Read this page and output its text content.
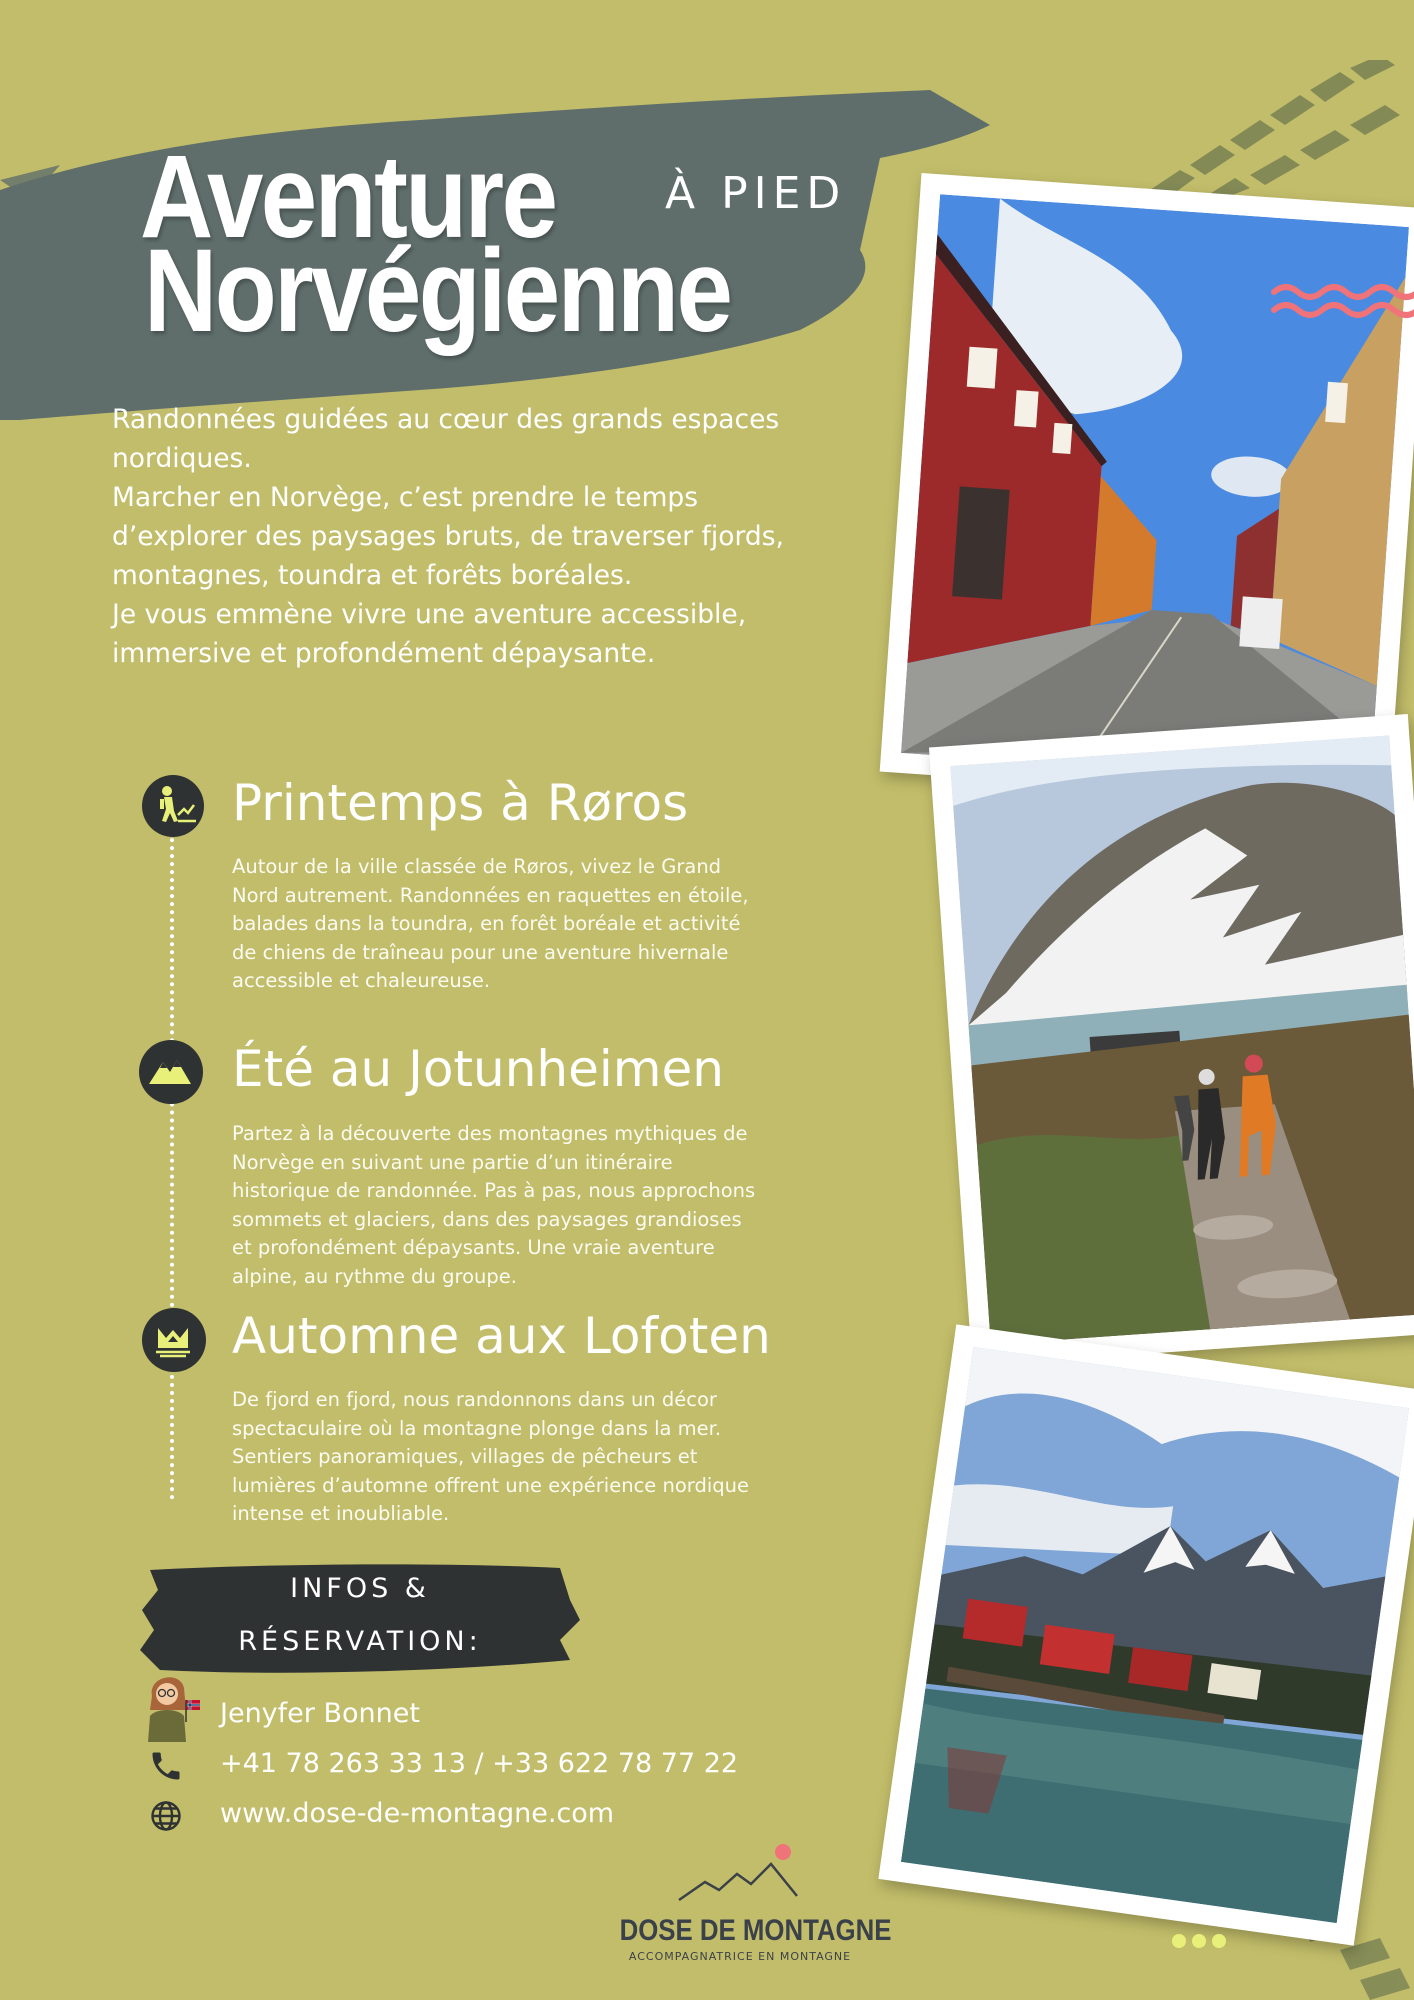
Aventure
Norvégienne
À PIED

Randonnées guidées au cœur des grands espaces nordiques.

Marcher en Norvège, c’est prendre le temps d’explorer des paysages bruts, de traverser fjords, montagnes, toundra et forêts boréales.

Je vous emmène vivre une aventure accessible, immersive et profondément dépaysante.

Printemps à Røros
Autour de la ville classée de Røros, vivez le Grand Nord autrement. Randonnées en raquettes en étoile, balades dans la toundra, en forêt boréale et activité de chiens de traîneau pour une aventure hivernale accessible et chaleureuse.
Été au Jotunheimen
Partez à la découverte des montagnes mythiques de Norvège en suivant une partie d’un itinéraire historique de randonnée. Pas à pas, nous approchons sommets et glaciers, dans des paysages grandioses et profondément dépaysants. Une vraie aventure alpine, au rythme du groupe.
Automne aux Lofoten
De fjord en fjord, nous randonnons dans un décor spectaculaire où la montagne plonge dans la mer. Sentiers panoramiques, villages de pêcheurs et lumières d’automne offrent une expérience nordique intense et inoubliable.
INFOS &
RÉSERVATION:
Jenyfer Bonnet
+41 78 263 33 13 / +33 622 78 77 22
www.dose-de-montagne.com
DOSE DE MONTAGNE
ACCOMPAGNATRICE EN MONTAGNE
